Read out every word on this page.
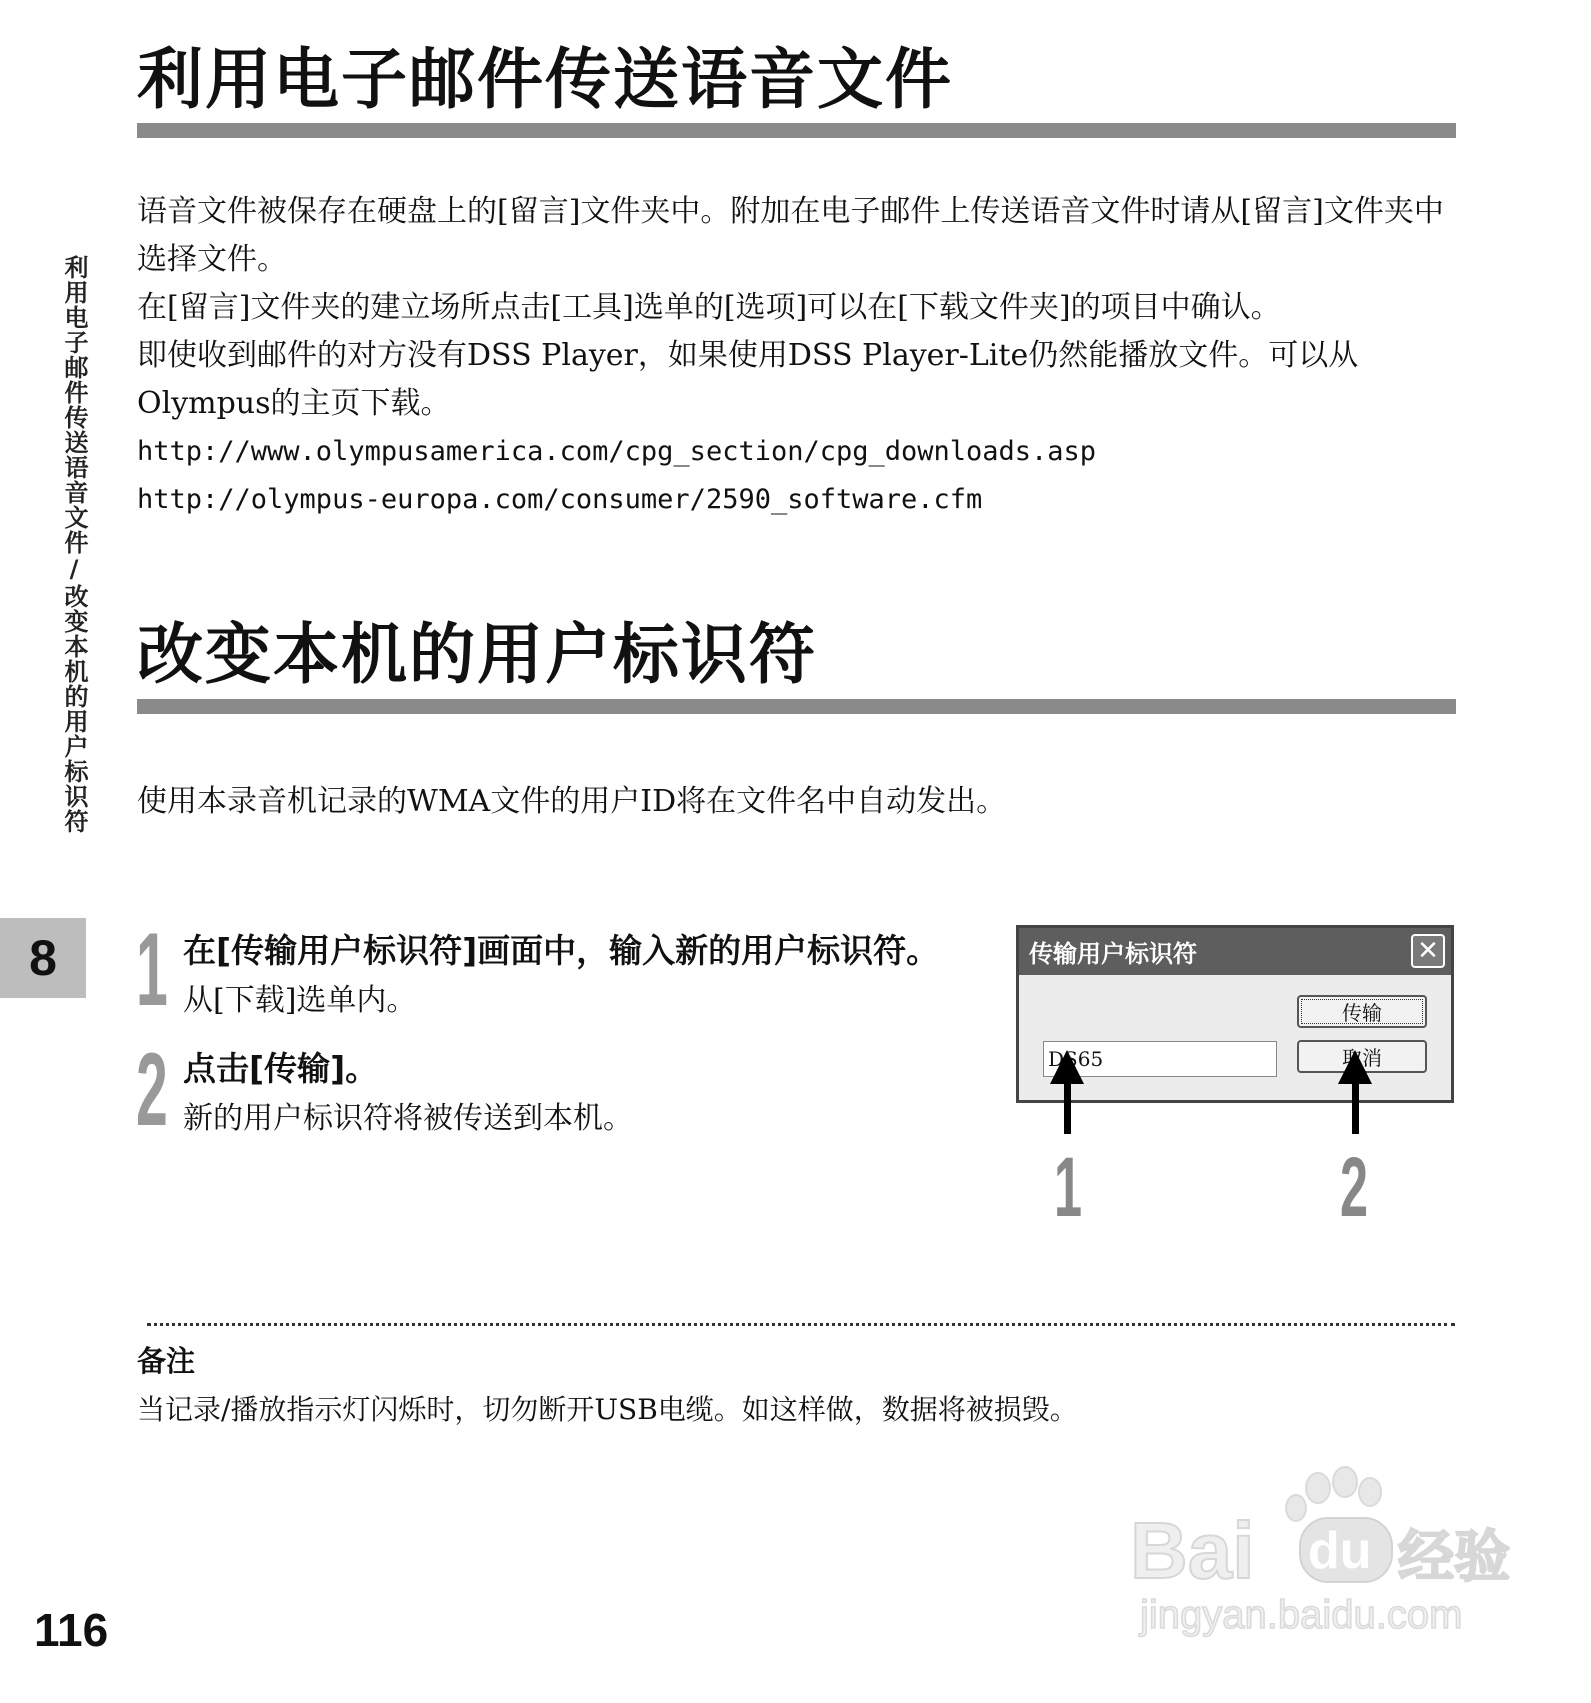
利用电子邮件传送语音文件

语音文件被保存在硬盘上的[留言]文件夹中。附加在电子邮件上传送语音文件时请从[留言]文件夹中选择文件。

在[留言]文件夹的建立场所点击[工具]选单的[选项]可以在[下载文件夹]的项目中确认。

即使收到邮件的对方没有DSS Player，如果使用DSS Player-Lite仍然能播放文件。可以从Olympus的主页下载。

http://www.olympusamerica.com/cpg_section/cpg_downloads.asp

http://olympus-europa.com/consumer/2590_software.cfm

改变本机的用户标识符
使用本录音机记录的WMA文件的用户ID将在文件名中自动发出。
1 在[传输用户标识符]画面中，输入新的用户标识符。
从[下载]选单内。
2 点击[传输]。
新的用户标识符将被传送到本机。
传输用户标识符	✕
DS65
传输
取消
1	2
备注
当记录/播放指示灯闪烁时，切勿断开USB电缆。如这样做，数据将被损毁。
利用电子邮件传送语音文件/改变本机的用户标识符
8
116
Bai du 经验
jingyan.baidu.com
